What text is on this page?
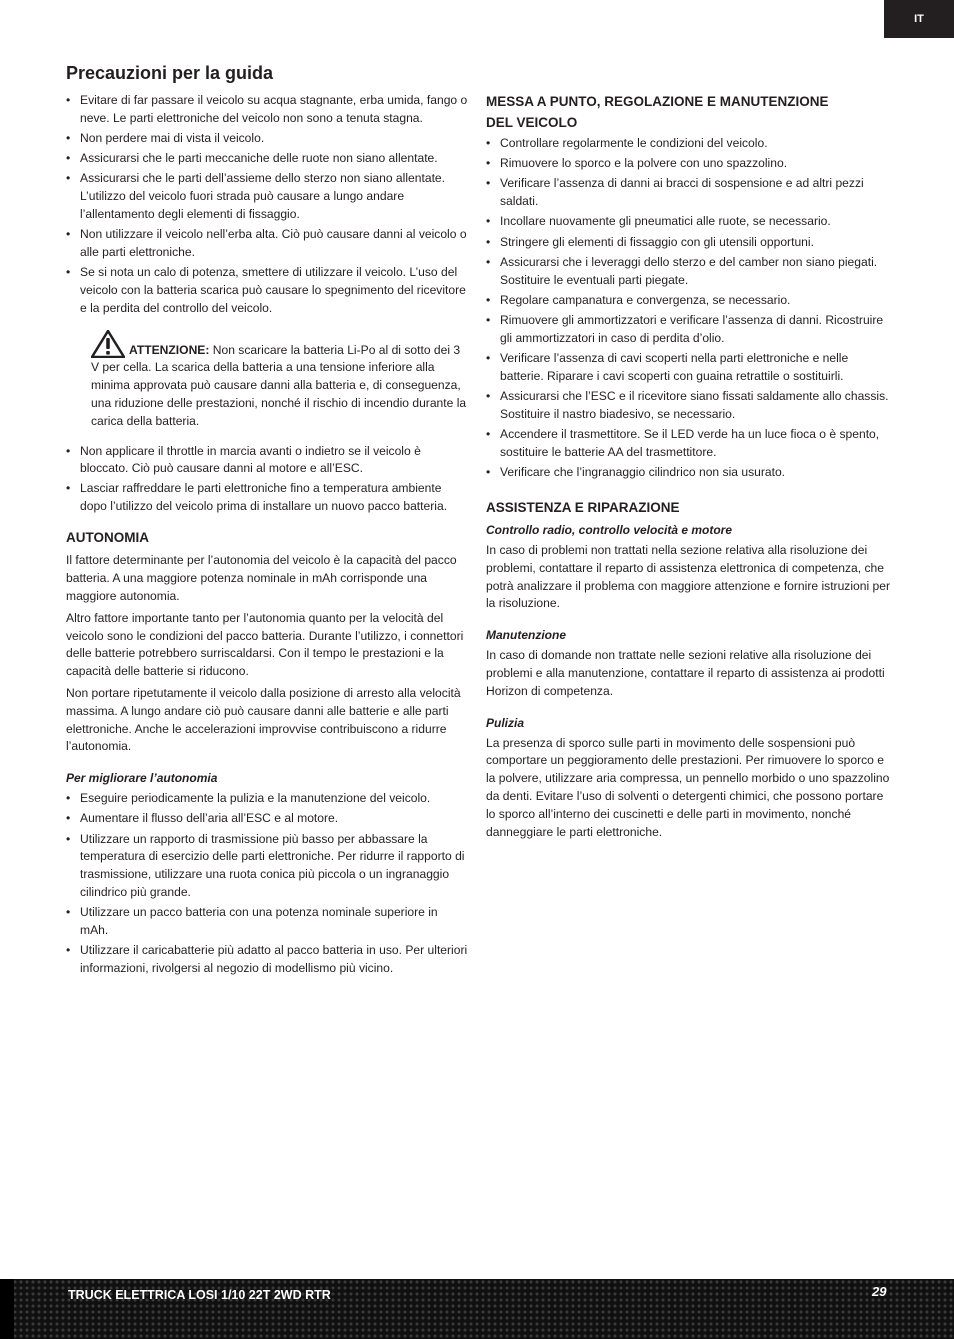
IT
Precauzioni per la guida
• Evitare di far passare il veicolo su acqua stagnante, erba umida, fango o neve. Le parti elettroniche del veicolo non sono a tenuta stagna.
• Non perdere mai di vista il veicolo.
• Assicurarsi che le parti meccaniche delle ruote non siano allentate.
• Assicurarsi che le parti dell’assieme dello sterzo non siano allentate. L’utilizzo del veicolo fuori strada può causare a lungo andare l’allentamento degli elementi di fissaggio.
• Non utilizzare il veicolo nell’erba alta. Ciò può causare danni al veicolo o alle parti elettroniche.
• Se si nota un calo di potenza, smettere di utilizzare il veicolo. L’uso del veicolo con la batteria scarica può causare lo spegnimento del ricevitore e la perdita del controllo del veicolo.
ATTENZIONE: Non scaricare la batteria Li-Po al di sotto dei 3 V per cella. La scarica della batteria a una tensione inferiore alla minima approvata può causare danni alla batteria e, di conseguenza, una riduzione delle prestazioni, nonché il rischio di incendio durante la carica della batteria.
• Non applicare il throttle in marcia avanti o indietro se il veicolo è bloccato. Ciò può causare danni al motore e all’ESC.
• Lasciar raffreddare le parti elettroniche fino a temperatura ambiente dopo l’utilizzo del veicolo prima di installare un nuovo pacco batteria.
AUTONOMIA

Il fattore determinante per l’autonomia del veicolo è la capacità del pacco batteria. A una maggiore potenza nominale in mAh corrisponde una maggiore autonomia.

Altro fattore importante tanto per l’autonomia quanto per la velocità del veicolo sono le condizioni del pacco batteria. Durante l’utilizzo, i connettori delle batterie potrebbero surriscaldarsi. Con il tempo le prestazioni e la capacità delle batterie si riducono.

Non portare ripetutamente il veicolo dalla posizione di arresto alla velocità massima. A lungo andare ciò può causare danni alle batterie e alle parti elettroniche. Anche le accelerazioni improvvise contribuiscono a ridurre l’autonomia.

Per migliorare l’autonomia
• Eseguire periodicamente la pulizia e la manutenzione del veicolo.
• Aumentare il flusso dell’aria all’ESC e al motore.
• Utilizzare un rapporto di trasmissione più basso per abbassare la temperatura di esercizio delle parti elettroniche. Per ridurre il rapporto di trasmissione, utilizzare una ruota conica più piccola o un ingranaggio cilindrico più grande.
• Utilizzare un pacco batteria con una potenza nominale superiore in mAh.
• Utilizzare il caricabatterie più adatto al pacco batteria in uso. Per ulteriori informazioni, rivolgersi al negozio di modellismo più vicino.
MESSA A PUNTO, REGOLAZIONE E MANUTENZIONE
DEL VEICOLO
• Controllare regolarmente le condizioni del veicolo.
• Rimuovere lo sporco e la polvere con uno spazzolino.
• Verificare l’assenza di danni ai bracci di sospensione e ad altri pezzi saldati.
• Incollare nuovamente gli pneumatici alle ruote, se necessario.
• Stringere gli elementi di fissaggio con gli utensili opportuni.
• Assicurarsi che i leveraggi dello sterzo e del camber non siano piegati. Sostituire le eventuali parti piegate.
• Regolare campanatura e convergenza, se necessario.
• Rimuovere gli ammortizzatori e verificare l’assenza di danni. Ricostruire gli ammortizzatori in caso di perdita d’olio.
• Verificare l’assenza di cavi scoperti nella parti elettroniche e nelle batterie. Riparare i cavi scoperti con guaina retrattile o sostituirli.
• Assicurarsi che l’ESC e il ricevitore siano fissati saldamente allo chassis. Sostituire il nastro biadesivo, se necessario.
• Accendere il trasmettitore. Se il LED verde ha un luce fioca o è spento, sostituire le batterie AA del trasmettitore.
• Verificare che l’ingranaggio cilindrico non sia usurato.
ASSISTENZA E RIPARAZIONE
Controllo radio, controllo velocità e motore

In caso di problemi non trattati nella sezione relativa alla risoluzione dei problemi, contattare il reparto di assistenza elettronica di competenza, che potrà analizzare il problema con maggiore attenzione e fornire istruzioni per la risoluzione.

Manutenzione

In caso di domande non trattate nelle sezioni relative alla risoluzione dei problemi e alla manutenzione, contattare il reparto di assistenza ai prodotti Horizon di competenza.

Pulizia

La presenza di sporco sulle parti in movimento delle sospensioni può comportare un peggioramento delle prestazioni. Per rimuovere lo sporco e la polvere, utilizzare aria compressa, un pennello morbido o uno spazzolino da denti. Evitare l’uso di solventi o detergenti chimici, che possono portare lo sporco all’interno dei cuscinetti e delle parti in movimento, nonché danneggiare le parti elettroniche.

TRUCK ELETTRICA LOSI 1/10 22T 2WD RTR	29
